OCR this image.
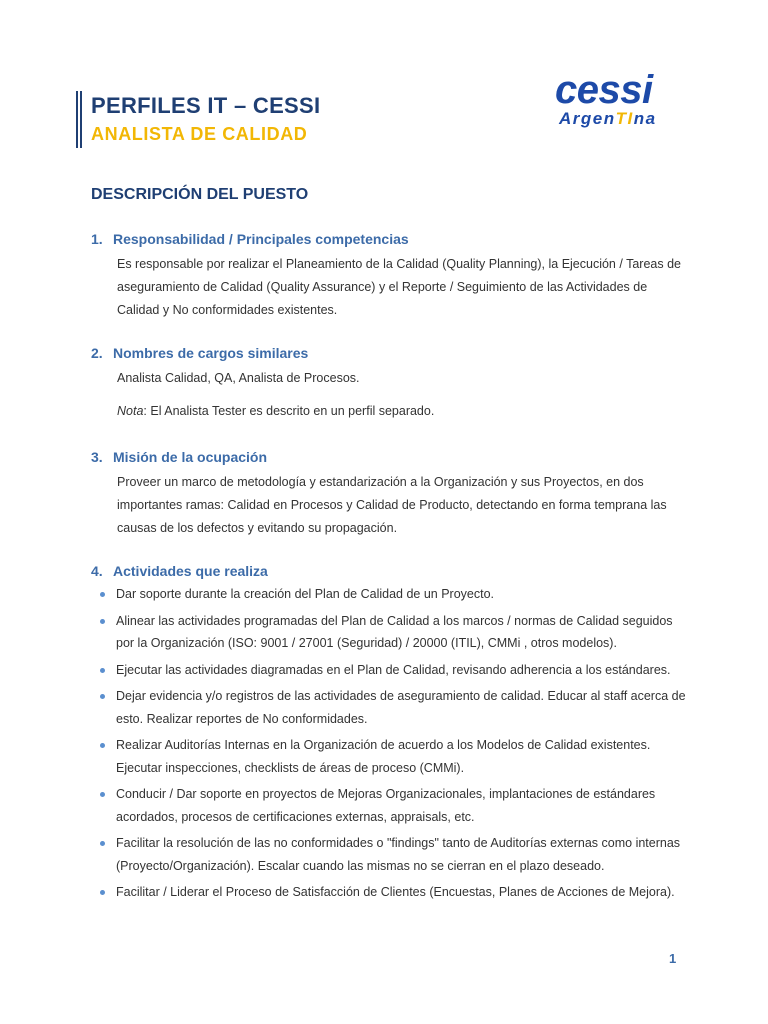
PERFILES IT – CESSI
ANALISTA DE CALIDAD
cessi
ArgenTIna
DESCRIPCIÓN DEL PUESTO
1. Responsabilidad / Principales competencias

Es responsable por realizar el Planeamiento de la Calidad (Quality Planning), la Ejecución / Tareas de aseguramiento de Calidad (Quality Assurance) y el Reporte / Seguimiento de las Actividades de Calidad y No conformidades existentes.

2. Nombres de cargos similares

Analista Calidad, QA, Analista de Procesos.

Nota: El Analista Tester es descrito en un perfil separado.

3. Misión de la ocupación

Proveer un marco de metodología y estandarización a la Organización y sus Proyectos, en dos importantes ramas: Calidad en Procesos y Calidad de Producto, detectando en forma temprana las causas de los defectos y evitando su propagación.

4. Actividades que realiza
Dar soporte durante la creación del Plan de Calidad de un Proyecto.
Alinear las actividades programadas del Plan de Calidad a los marcos / normas de Calidad seguidos por la Organización (ISO: 9001 / 27001 (Seguridad) / 20000 (ITIL), CMMi , otros modelos).
Ejecutar las actividades diagramadas en el Plan de Calidad, revisando adherencia a los estándares.
Dejar evidencia y/o registros de las actividades de aseguramiento de calidad. Educar al staff acerca de esto. Realizar reportes de No conformidades.
Realizar Auditorías Internas en la Organización de acuerdo a los Modelos de Calidad existentes. Ejecutar inspecciones, checklists de áreas de proceso (CMMi).
Conducir / Dar soporte en proyectos de Mejoras Organizacionales, implantaciones de estándares acordados, procesos de certificaciones externas, appraisals, etc.
Facilitar la resolución de las no conformidades o "findings" tanto de Auditorías externas como internas (Proyecto/Organización). Escalar cuando las mismas no se cierran en el plazo deseado.
Facilitar / Liderar el Proceso de Satisfacción de Clientes (Encuestas, Planes de Acciones de Mejora).
1
